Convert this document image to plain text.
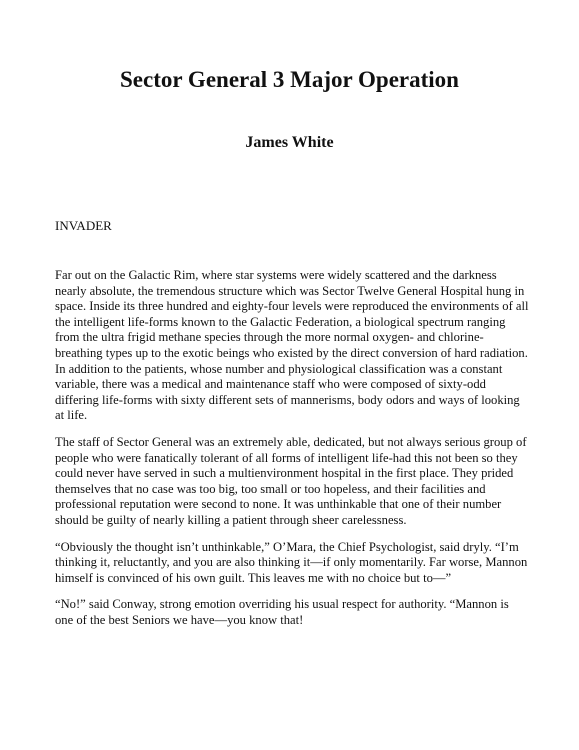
Sector General 3 Major Operation
James White

INVADER

Far out on the Galactic Rim, where star systems were widely scattered and the darkness nearly absolute, the tremendous structure which was Sector Twelve General Hospital hung in space. Inside its three hundred and eighty-four levels were reproduced the environments of all the intelligent life-forms known to the Galactic Federation, a biological spectrum ranging from the ultra frigid methane species through the more normal oxygen- and chlorine-breathing types up to the exotic beings who existed by the direct conversion of hard radiation. In addition to the patients, whose number and physiological classification was a constant variable, there was a medical and maintenance staff who were composed of sixty-odd differing life-forms with sixty different sets of mannerisms, body odors and ways of looking at life.

The staff of Sector General was an extremely able, dedicated, but not always serious group of people who were fanatically tolerant of all forms of intelligent life-had this not been so they could never have served in such a multienvironment hospital in the first place. They prided themselves that no case was too big, too small or too hopeless, and their facilities and professional reputation were second to none. It was unthinkable that one of their number should be guilty of nearly killing a patient through sheer carelessness.

“Obviously the thought isn’t unthinkable,” O’Mara, the Chief Psychologist, said dryly. “I’m thinking it, reluctantly, and you are also thinking it—if only momentarily. Far worse, Mannon himself is convinced of his own guilt. This leaves me with no choice but to—”

“No!” said Conway, strong emotion overriding his usual respect for authority. “Mannon is one of the best Seniors we have—you know that!
